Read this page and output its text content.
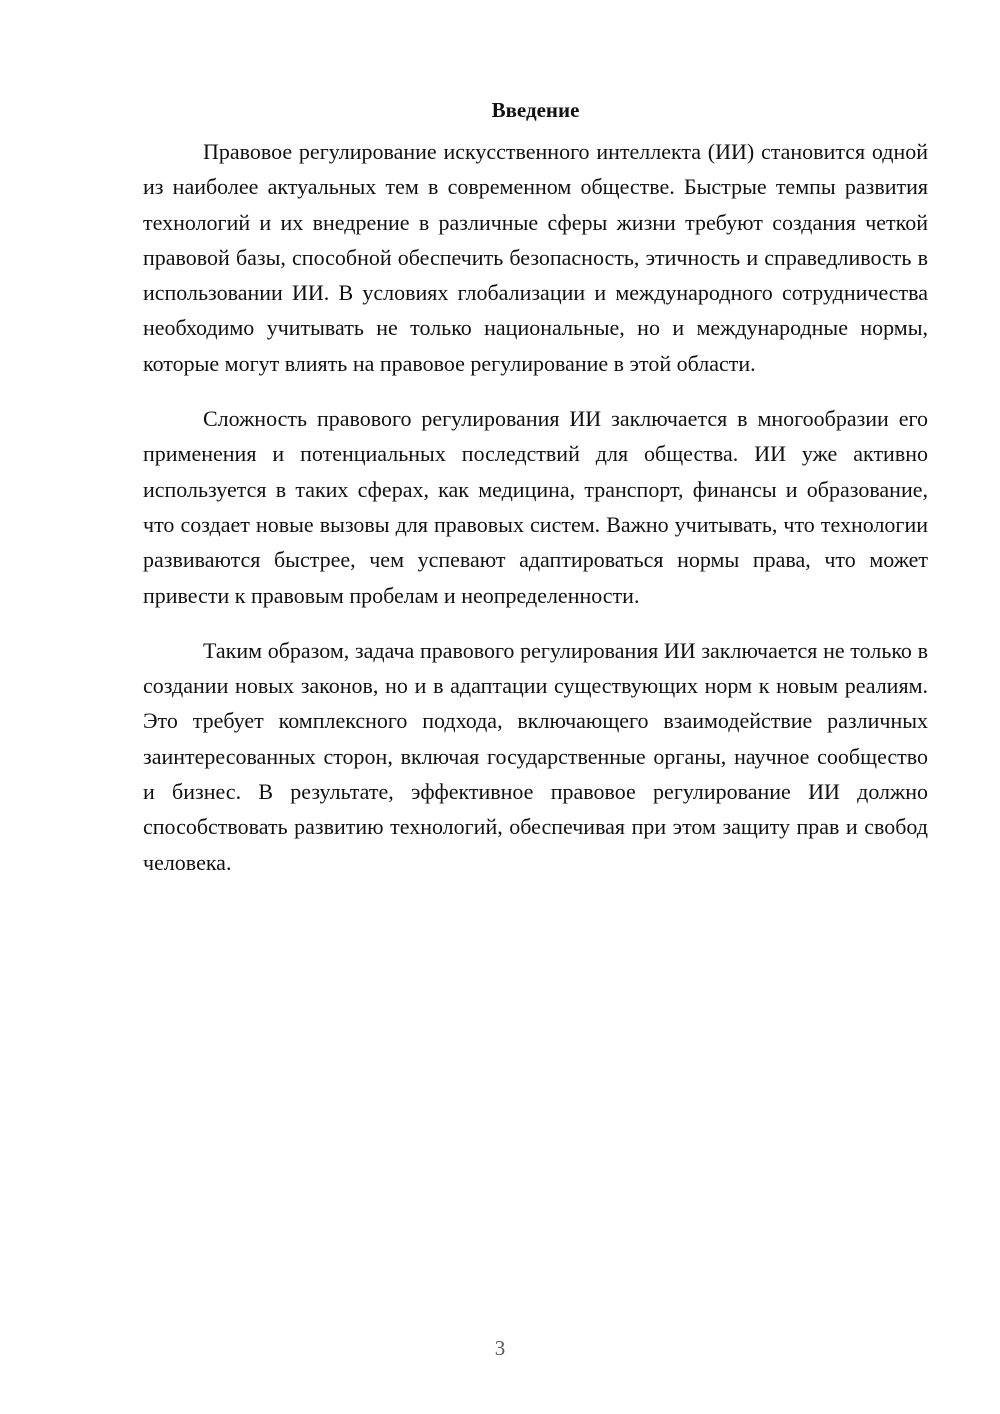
Введение

Правовое регулирование искусственного интеллекта (ИИ) становится одной из наиболее актуальных тем в современном обществе. Быстрые темпы развития технологий и их внедрение в различные сферы жизни требуют создания четкой правовой базы, способной обеспечить безопасность, этичность и справедливость в использовании ИИ. В условиях глобализации и международного сотрудничества необходимо учитывать не только национальные, но и международные нормы, которые могут влиять на правовое регулирование в этой области.

Сложность правового регулирования ИИ заключается в многообразии его применения и потенциальных последствий для общества. ИИ уже активно используется в таких сферах, как медицина, транспорт, финансы и образование, что создает новые вызовы для правовых систем. Важно учитывать, что технологии развиваются быстрее, чем успевают адаптироваться нормы права, что может привести к правовым пробелам и неопределенности.

Таким образом, задача правового регулирования ИИ заключается не только в создании новых законов, но и в адаптации существующих норм к новым реалиям. Это требует комплексного подхода, включающего взаимодействие различных заинтересованных сторон, включая государственные органы, научное сообщество и бизнес. В результате, эффективное правовое регулирование ИИ должно способствовать развитию технологий, обеспечивая при этом защиту прав и свобод человека.

3
